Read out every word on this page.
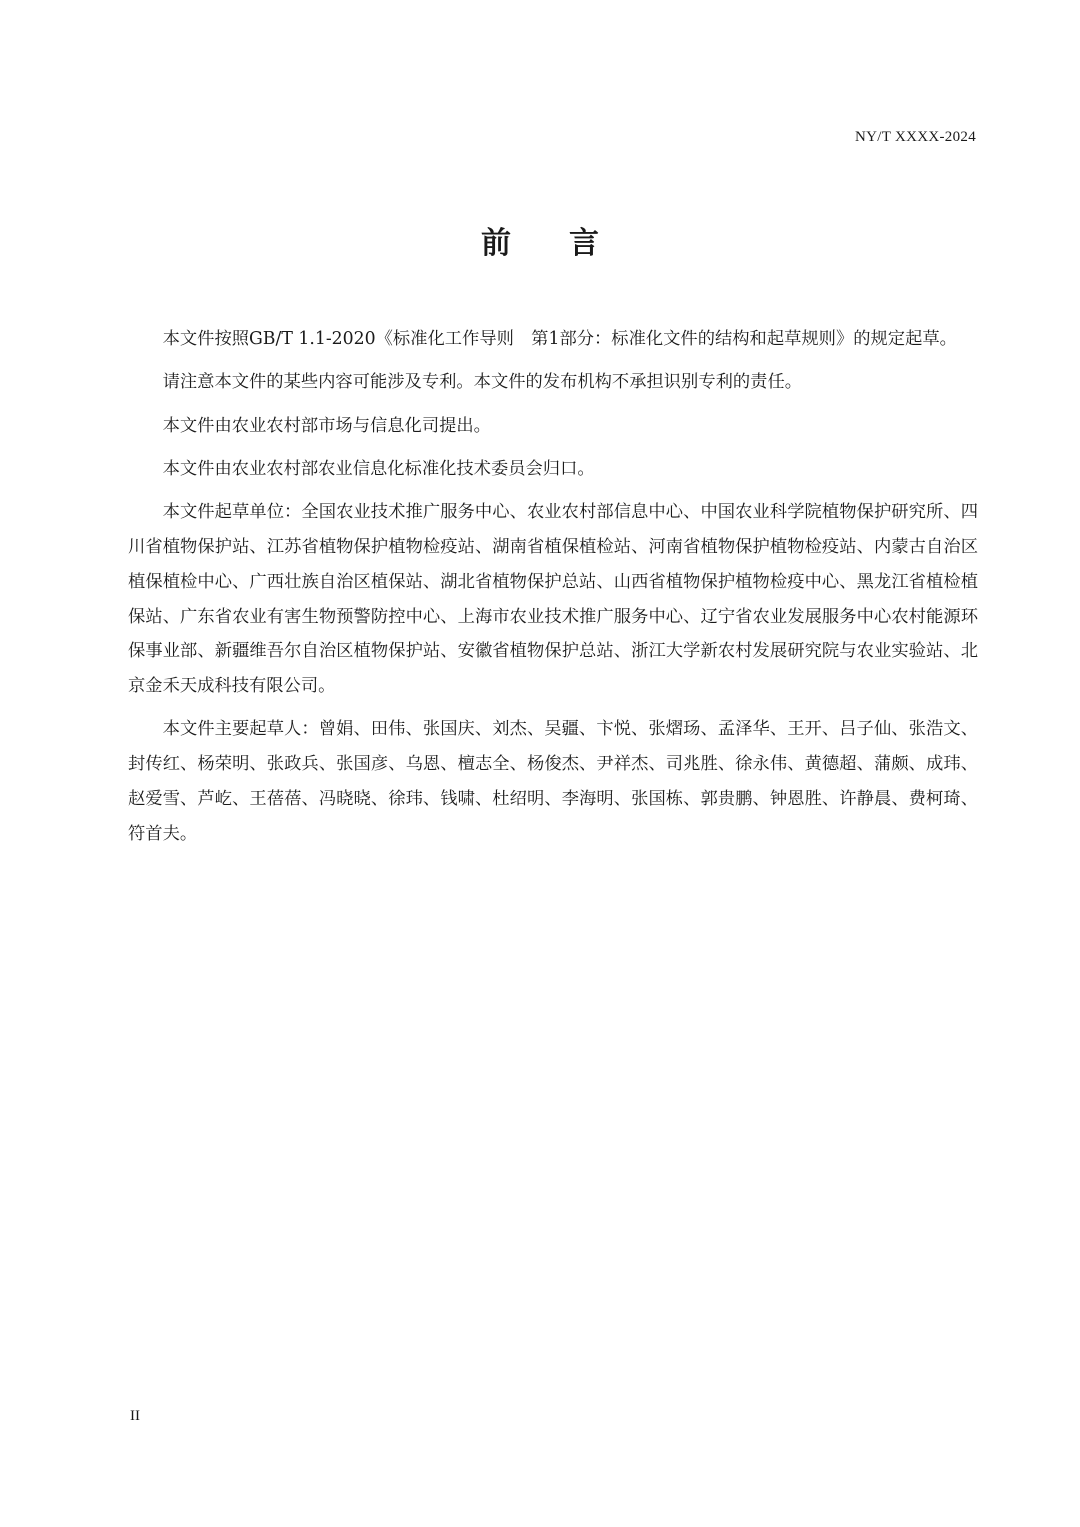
NY/T XXXX-2024
前言

本文件按照GB/T 1.1-2020《标准化工作导则　第1部分：标准化文件的结构和起草规则》的规定起草。

请注意本文件的某些内容可能涉及专利。本文件的发布机构不承担识别专利的责任。

本文件由农业农村部市场与信息化司提出。

本文件由农业农村部农业信息化标准化技术委员会归口。

本文件起草单位：全国农业技术推广服务中心、农业农村部信息中心、中国农业科学院植物保护研究所、四川省植物保护站、江苏省植物保护植物检疫站、湖南省植保植检站、河南省植物保护植物检疫站、内蒙古自治区植保植检中心、广西壮族自治区植保站、湖北省植物保护总站、山西省植物保护植物检疫中心、黑龙江省植检植保站、广东省农业有害生物预警防控中心、上海市农业技术推广服务中心、辽宁省农业发展服务中心农村能源环保事业部、新疆维吾尔自治区植物保护站、安徽省植物保护总站、浙江大学新农村发展研究院与农业实验站、北京金禾天成科技有限公司。

本文件主要起草人：曾娟、田伟、张国庆、刘杰、吴疆、卞悦、张熠玚、孟泽华、王开、吕子仙、张浩文、封传红、杨荣明、张政兵、张国彦、乌恩、檀志全、杨俊杰、尹祥杰、司兆胜、徐永伟、黄德超、蒲颇、成玮、赵爱雪、芦屹、王蓓蓓、冯晓晓、徐玮、钱啸、杜绍明、李海明、张国栋、郭贵鹏、钟恩胜、许静晨、费柯琦、符首夫。

II
